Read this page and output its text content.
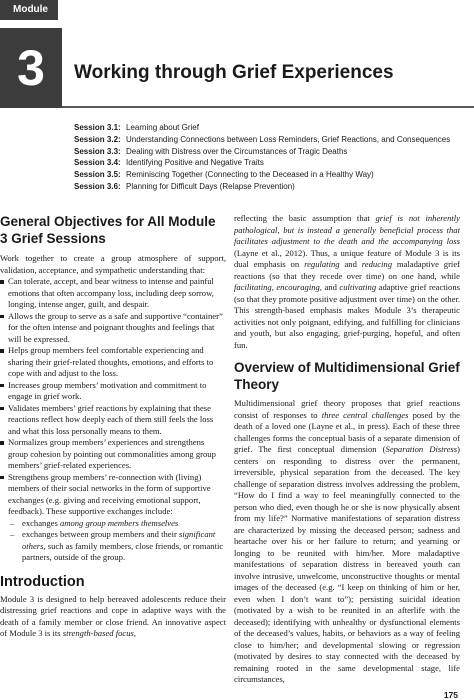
Module
3	Working through Grief Experiences
Session 3.1: Learning about Grief
Session 3.2: Understanding Connections between Loss Reminders, Grief Reactions, and Consequences
Session 3.3: Dealing with Distress over the Circumstances of Tragic Deaths
Session 3.4: Identifying Positive and Negative Traits
Session 3.5: Reminiscing Together (Connecting to the Deceased in a Healthy Way)
Session 3.6: Planning for Difficult Days (Relapse Prevention)
General Objectives for All Module 3 Grief Sessions

Work together to create a group atmosphere of support, validation, acceptance, and sympathetic understanding that:

Can tolerate, accept, and bear witness to intense and painful emotions that often accompany loss, including deep sorrow, longing, intense anger, guilt, and despair.
Allows the group to serve as a safe and supportive “container” for the often intense and poignant thoughts and feelings that will be expressed.
Helps group members feel comfortable experiencing and sharing their grief-related thoughts, emotions, and efforts to cope with and adjust to the loss.
Increases group members’ motivation and commitment to engage in grief work.
Validates members’ grief reactions by explaining that these reactions reflect how deeply each of them still feels the loss and what this loss personally means to them.
Normalizes group members’ experiences and strengthens group cohesion by pointing out commonalities among group members’ grief-related experiences.
Strengthens group members’ re-connection with (living) members of their social networks in the form of supportive exchanges (e.g. giving and receiving emotional support, feedback). These supportive exchanges include:
– exchanges among group members themselves
– exchanges between group members and their significant others, such as family members, close friends, or romantic partners, outside of the group.
Introduction

Module 3 is designed to help bereaved adolescents reduce their distressing grief reactions and cope in adaptive ways with the death of a family member or close friend. An innovative aspect of Module 3 is its strength-based focus,

reflecting the basic assumption that grief is not inherently pathological, but is instead a generally beneficial process that facilitates adjustment to the death and the accompanying loss (Layne et al., 2012). Thus, a unique feature of Module 3 is its dual emphasis on regulating and reducing maladaptive grief reactions (so that they recede over time) on one hand, while facilitating, encouraging, and cultivating adaptive grief reactions (so that they promote positive adjustment over time) on the other. This strength-based emphasis makes Module 3’s therapeutic activities not only poignant, edifying, and fulfilling for clinicians and youth, but also engaging, grief-purging, hopeful, and often fun.

Overview of Multidimensional Grief Theory

Multidimensional grief theory proposes that grief reactions consist of responses to three central challenges posed by the death of a loved one (Layne et al., in press). Each of these three challenges forms the conceptual basis of a separate dimension of grief. The first conceptual dimension (Separation Distress) centers on responding to distress over the permanent, irreversible, physical separation from the deceased. The key challenge of separation distress involves addressing the problem, “How do I find a way to feel meaningfully connected to the person who died, even though he or she is now physically absent from my life?” Normative manifestations of separation distress are characterized by missing the deceased person; sadness and heartache over his or her failure to return; and yearning or longing to be reunited with him/her. More maladaptive manifestations of separation distress in bereaved youth can involve intrusive, unwelcome, unconstructive thoughts or mental images of the deceased (e.g. “I keep on thinking of him or her, even when I don’t want to”); persisting suicidal ideation (motivated by a wish to be reunited in an afterlife with the deceased); identifying with unhealthy or dysfunctional elements of the deceased’s values, habits, or behaviors as a way of feeling close to him/her; and developmental slowing or regression (motivated by desires to stay connected with the deceased by remaining rooted in the same developmental stage, life circumstances,

175
